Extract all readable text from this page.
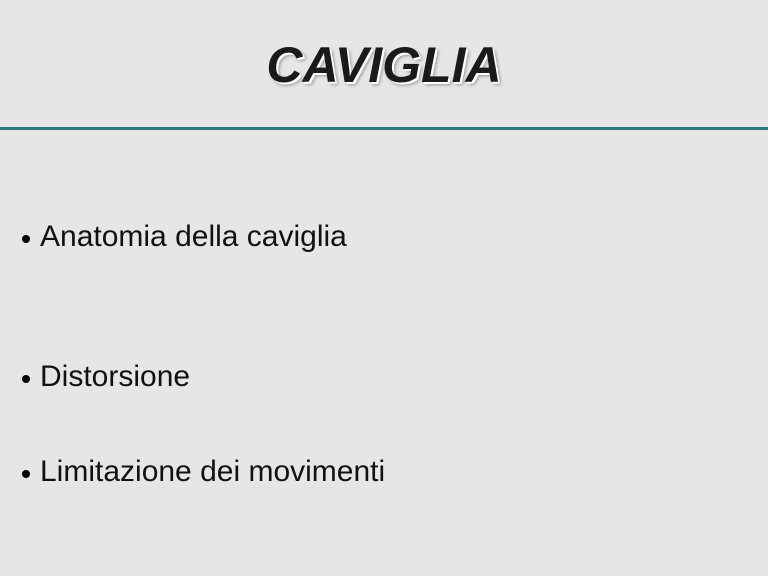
CAVIGLIA
Anatomia della caviglia
Distorsione
Limitazione dei movimenti
